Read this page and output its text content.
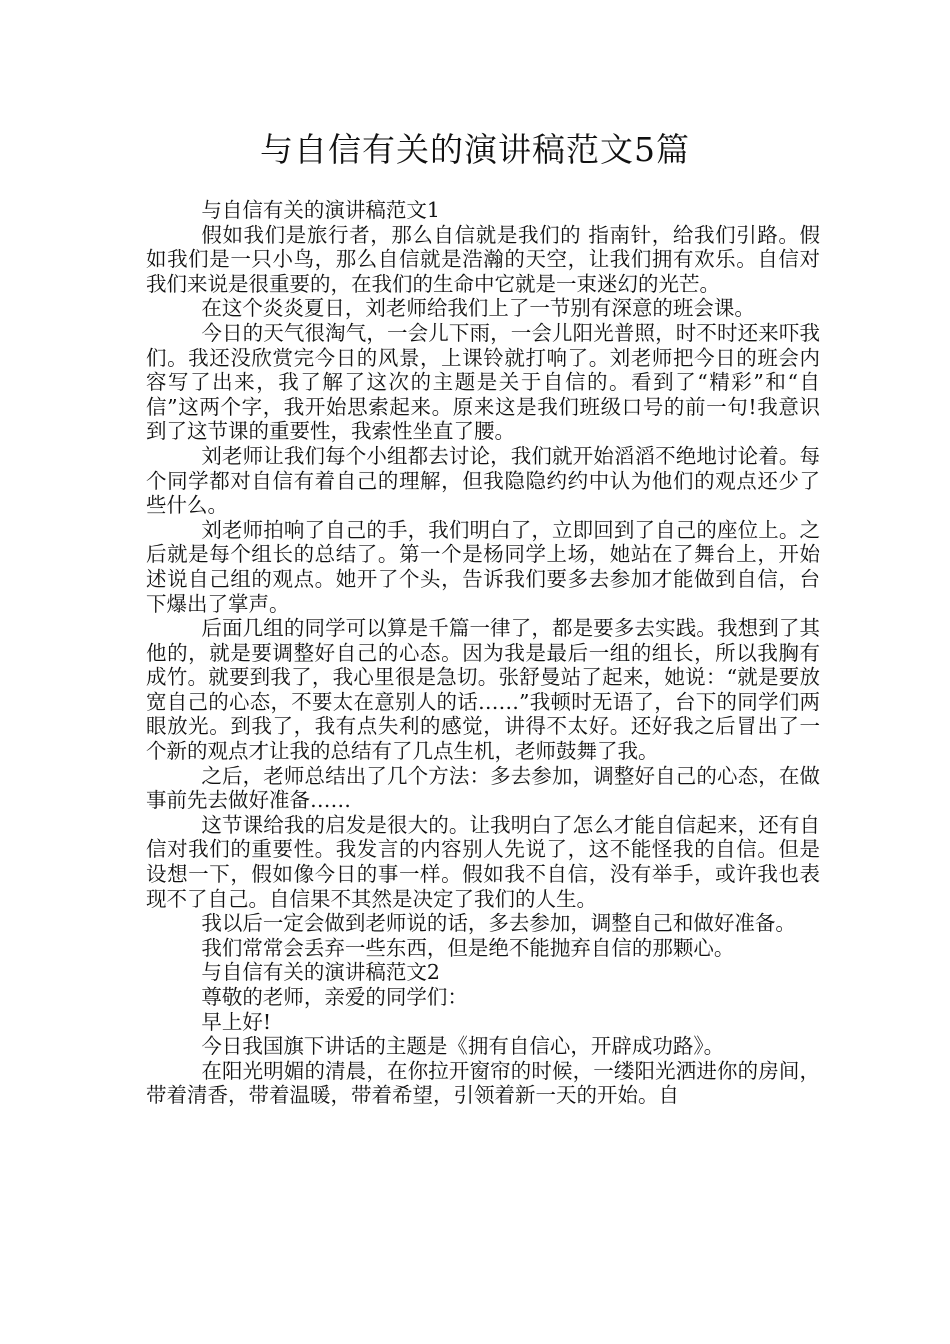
与自信有关的演讲稿范文5篇

与自信有关的演讲稿范文1

假如我们是旅行者，那么自信就是我们的 指南针，给我们引路。假如我们是一只小鸟，那么自信就是浩瀚的天空，让我们拥有欢乐。自信对我们来说是很重要的，在我们的生命中它就是一束迷幻的光芒。

在这个炎炎夏日，刘老师给我们上了一节别有深意的班会课。

今日的天气很淘气，一会儿下雨，一会儿阳光普照，时不时还来吓我们。我还没欣赏完今日的风景，上课铃就打响了。刘老师把今日的班会内容写了出来，我了解了这次的主题是关于自信的。看到了“精彩”和“自信”这两个字，我开始思索起来。原来这是我们班级口号的前一句!我意识到了这节课的重要性，我索性坐直了腰。

刘老师让我们每个小组都去讨论，我们就开始滔滔不绝地讨论着。每个同学都对自信有着自己的理解，但我隐隐约约中认为他们的观点还少了些什么。

刘老师拍响了自己的手，我们明白了，立即回到了自己的座位上。之后就是每个组长的总结了。第一个是杨同学上场，她站在了舞台上，开始述说自己组的观点。她开了个头，告诉我们要多去参加才能做到自信，台下爆出了掌声。

后面几组的同学可以算是千篇一律了，都是要多去实践。我想到了其他的，就是要调整好自己的心态。因为我是最后一组的组长，所以我胸有成竹。就要到我了，我心里很是急切。张舒曼站了起来，她说：“就是要放宽自己的心态，不要太在意别人的话……”我顿时无语了，台下的同学们两眼放光。到我了，我有点失利的感觉，讲得不太好。还好我之后冒出了一个新的观点才让我的总结有了几点生机，老师鼓舞了我。

之后，老师总结出了几个方法：多去参加，调整好自己的心态，在做事前先去做好准备……

这节课给我的启发是很大的。让我明白了怎么才能自信起来，还有自信对我们的重要性。我发言的内容别人先说了，这不能怪我的自信。但是设想一下，假如像今日的事一样。假如我不自信，没有举手，或许我也表现不了自己。自信果不其然是决定了我们的人生。

我以后一定会做到老师说的话，多去参加，调整自己和做好准备。

我们常常会丢弃一些东西，但是绝不能抛弃自信的那颗心。

与自信有关的演讲稿范文2

尊敬的老师，亲爱的同学们：

早上好!

今日我国旗下讲话的主题是《拥有自信心，开辟成功路》。

在阳光明媚的清晨，在你拉开窗帘的时候，一缕阳光洒进你的房间，带着清香，带着温暖，带着希望，引领着新一天的开始。自
